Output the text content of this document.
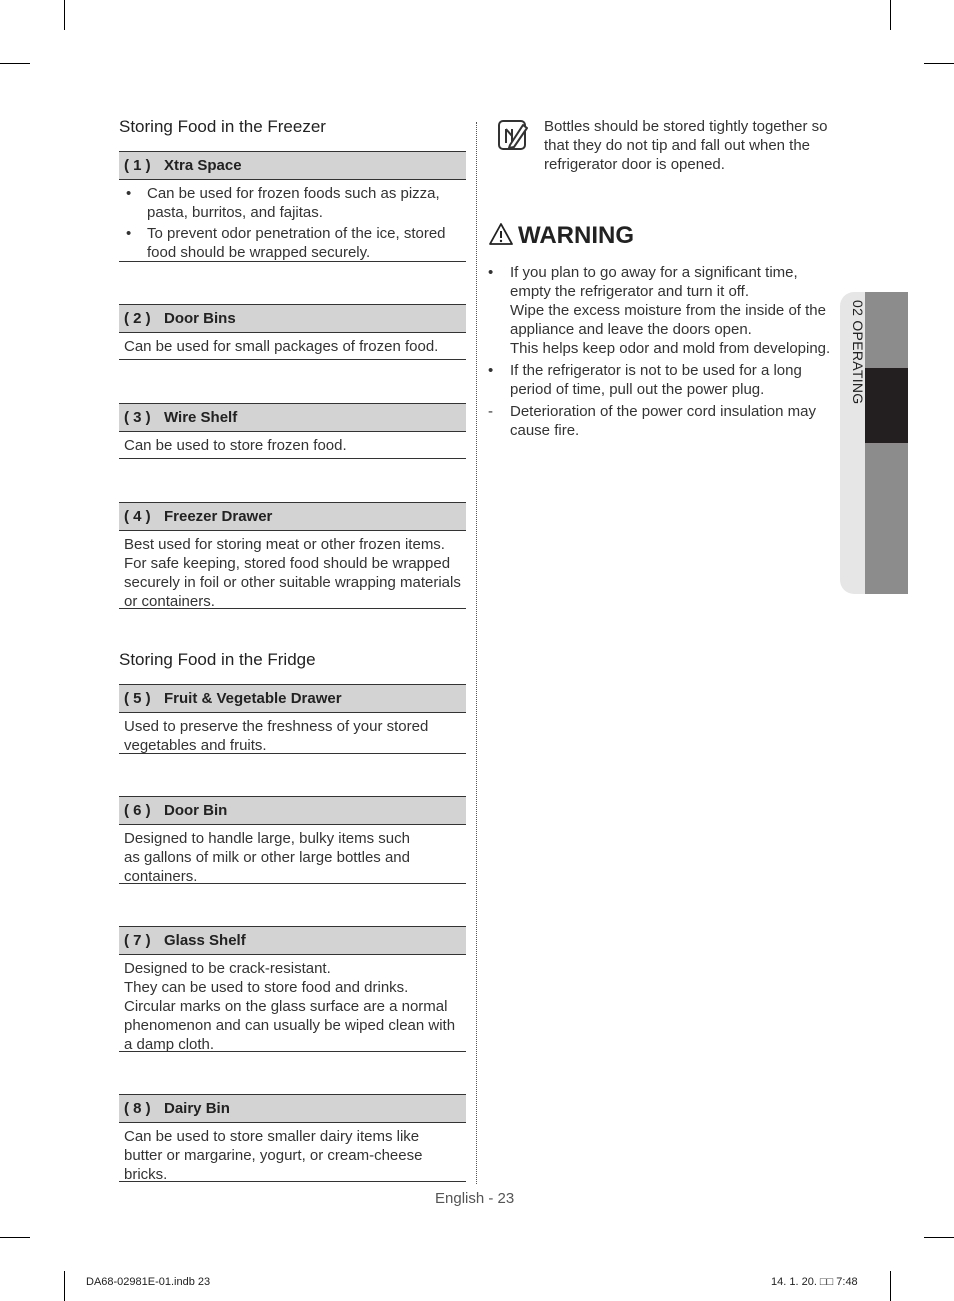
Storing Food in the Freezer
( 1 ) Xtra Space
• Can be used for frozen foods such as pizza, pasta, burritos, and fajitas.
• To prevent odor penetration of the ice, stored food should be wrapped securely.
( 2 ) Door Bins
Can be used for small packages of frozen food.
( 3 ) Wire Shelf
Can be used to store frozen food.
( 4 ) Freezer Drawer
Best used for storing meat or other frozen items. For safe keeping, stored food should be wrapped securely in foil or other suitable wrapping materials or containers.
Storing Food in the Fridge
( 5 ) Fruit & Vegetable Drawer
Used to preserve the freshness of your stored vegetables and fruits.
( 6 ) Door Bin
Designed to handle large, bulky items such
as gallons of milk or other large bottles and
containers.
( 7 ) Glass Shelf
Designed to be crack-resistant.
They can be used to store food and drinks.
Circular marks on the glass surface are a normal phenomenon and can usually be wiped clean with a damp cloth.
( 8 ) Dairy Bin
Can be used to store smaller dairy items like butter or margarine, yogurt, or cream-cheese bricks.
Bottles should be stored tightly together so that they do not tip and fall out when the refrigerator door is opened.
WARNING
• If you plan to go away for a significant time, empty the refrigerator and turn it off.
Wipe the excess moisture from the inside of the appliance and leave the doors open.
This helps keep odor and mold from developing.
• If the refrigerator is not to be used for a long period of time, pull out the power plug.
- Deterioration of the power cord insulation may cause fire.
02 OPERATING
English - 23
DA68-02981E-01.indb 23	14. 1. 20. □□ 7:48
